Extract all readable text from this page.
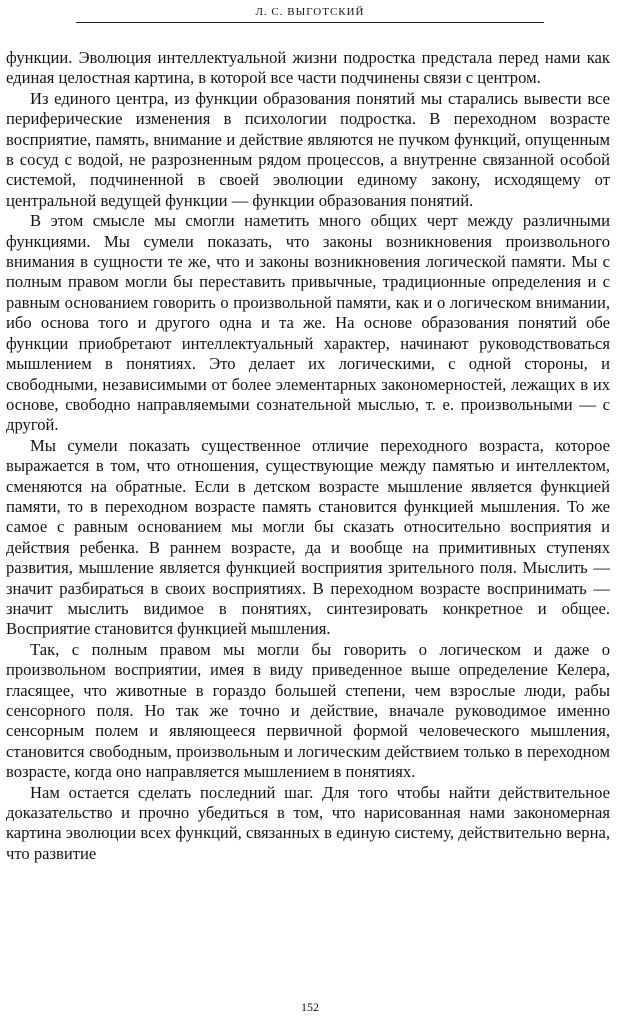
Л. С. ВЫГОТСКИЙ

функции. Эволюция интеллектуальной жизни подростка предстала перед нами как единая целостная картина, в которой все части подчинены связи с центром.

Из единого центра, из функции образования понятий мы старались вывести все периферические изменения в психологии подростка. В переходном возрасте восприятие, память, внимание и действие являются не пучком функций, опущенным в сосуд с водой, не разрозненным рядом процессов, а внутренне связанной особой системой, подчиненной в своей эволюции единому закону, исходящему от центральной ведущей функции — функции образования понятий.

В этом смысле мы смогли наметить много общих черт между различными функциями. Мы сумели показать, что законы возникновения произвольного внимания в сущности те же, что и законы возникновения логической памяти. Мы с полным правом могли бы переставить привычные, традиционные определения и с равным основанием говорить о произвольной памяти, как и о логическом внимании, ибо основа того и другого одна и та же. На основе образования понятий обе функции приобретают интеллектуальный характер, начинают руководствоваться мышлением в понятиях. Это делает их логическими, с одной стороны, и свободными, независимыми от более элементарных закономерностей, лежащих в их основе, свободно направляемыми сознательной мыслью, т. е. произвольными — с другой.

Мы сумели показать существенное отличие переходного возраста, которое выражается в том, что отношения, существующие между памятью и интеллектом, сменяются на обратные. Если в детском возрасте мышление является функцией памяти, то в переходном возрасте память становится функцией мышления. То же самое с равным основанием мы могли бы сказать относительно восприятия и действия ребенка. В раннем возрасте, да и вообще на примитивных ступенях развития, мышление является функцией восприятия зрительного поля. Мыслить — значит разбираться в своих восприятиях. В переходном возрасте воспринимать — значит мыслить видимое в понятиях, синтезировать конкретное и общее. Восприятие становится функцией мышления.

Так, с полным правом мы могли бы говорить о логическом и даже о произвольном восприятии, имея в виду приведенное выше определение Келера, гласящее, что животные в гораздо большей степени, чем взрослые люди, рабы сенсорного поля. Но так же точно и действие, вначале руководимое именно сенсорным полем и являющееся первичной формой человеческого мышления, становится свободным, произвольным и логическим действием только в переходном возрасте, когда оно направляется мышлением в понятиях.

Нам остается сделать последний шаг. Для того чтобы найти действительное доказательство и прочно убедиться в том, что нарисованная нами закономерная картина эволюции всех функций, связанных в единую систему, действительно верна, что развитие

152
